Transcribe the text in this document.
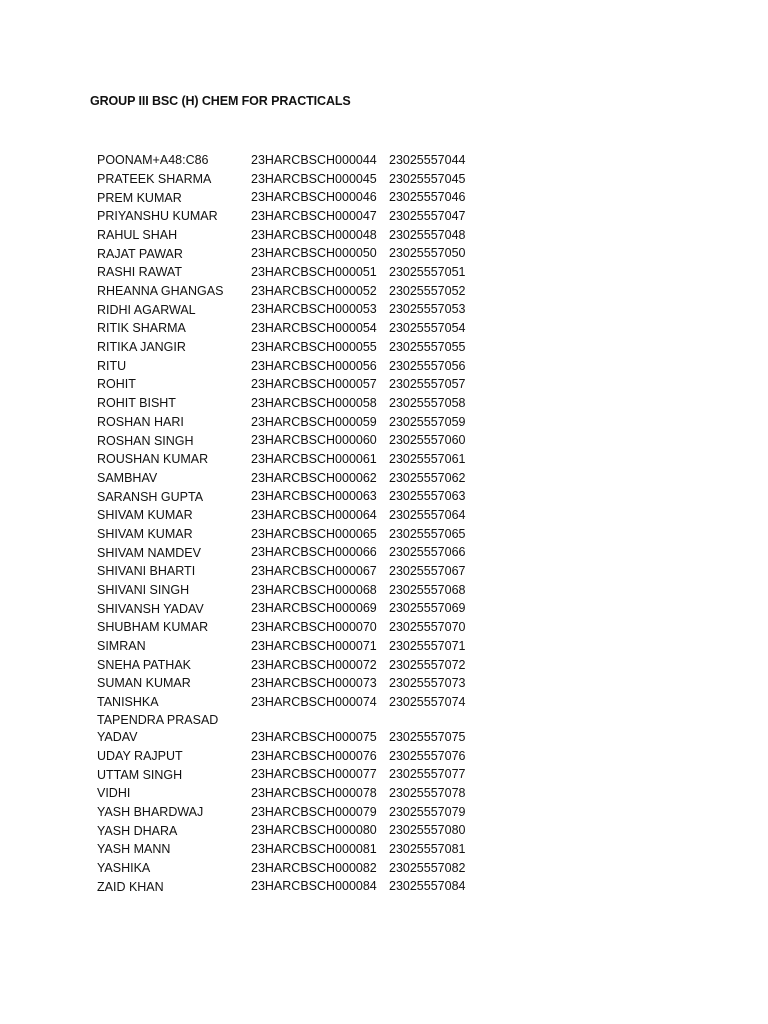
GROUP III BSC (H) CHEM FOR PRACTICALS
POONAM+A48:C86	23HARCBSCH000044 23025557044
PRATEEK SHARMA	23HARCBSCH000045 23025557045
PREM KUMAR	23HARCBSCH000046 23025557046
PRIYANSHU KUMAR	23HARCBSCH000047 23025557047
RAHUL SHAH	23HARCBSCH000048 23025557048
RAJAT PAWAR	23HARCBSCH000050 23025557050
RASHI RAWAT	23HARCBSCH000051 23025557051
RHEANNA GHANGAS	23HARCBSCH000052 23025557052
RIDHI AGARWAL	23HARCBSCH000053 23025557053
RITIK SHARMA	23HARCBSCH000054 23025557054
RITIKA JANGIR	23HARCBSCH000055 23025557055
RITU	23HARCBSCH000056 23025557056
ROHIT	23HARCBSCH000057 23025557057
ROHIT BISHT	23HARCBSCH000058 23025557058
ROSHAN HARI	23HARCBSCH000059 23025557059
ROSHAN SINGH	23HARCBSCH000060 23025557060
ROUSHAN KUMAR	23HARCBSCH000061 23025557061
SAMBHAV	23HARCBSCH000062 23025557062
SARANSH GUPTA	23HARCBSCH000063 23025557063
SHIVAM KUMAR	23HARCBSCH000064 23025557064
SHIVAM KUMAR	23HARCBSCH000065 23025557065
SHIVAM NAMDEV	23HARCBSCH000066 23025557066
SHIVANI BHARTI	23HARCBSCH000067 23025557067
SHIVANI SINGH	23HARCBSCH000068 23025557068
SHIVANSH YADAV	23HARCBSCH000069 23025557069
SHUBHAM KUMAR	23HARCBSCH000070 23025557070
SIMRAN	23HARCBSCH000071 23025557071
SNEHA PATHAK	23HARCBSCH000072 23025557072
SUMAN KUMAR	23HARCBSCH000073 23025557073
TANISHKA	23HARCBSCH000074 23025557074
TAPENDRA PRASAD YADAV	23HARCBSCH000075 23025557075
UDAY RAJPUT	23HARCBSCH000076 23025557076
UTTAM SINGH	23HARCBSCH000077 23025557077
VIDHI	23HARCBSCH000078 23025557078
YASH BHARDWAJ	23HARCBSCH000079 23025557079
YASH DHARA	23HARCBSCH000080 23025557080
YASH MANN	23HARCBSCH000081 23025557081
YASHIKA	23HARCBSCH000082 23025557082
ZAID KHAN	23HARCBSCH000084 23025557084
